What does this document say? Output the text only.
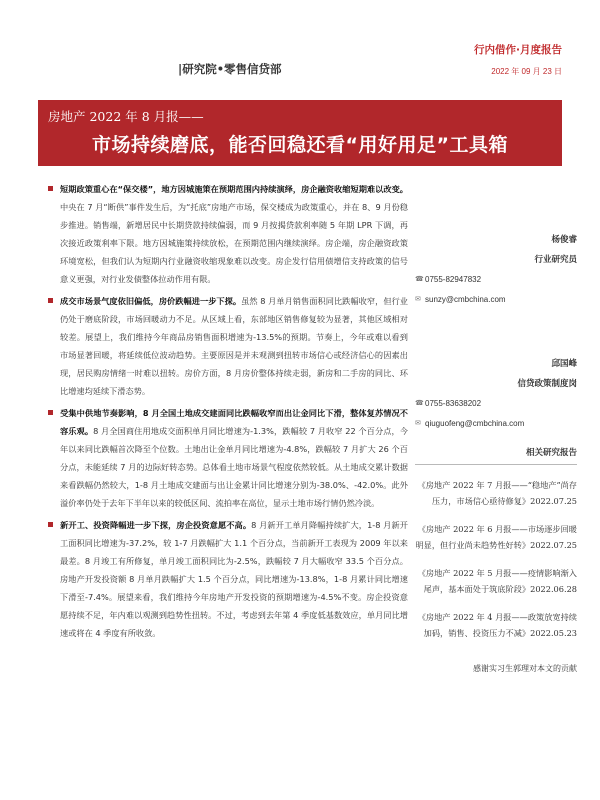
行内借作·月度报告
2022 年 09 月 23 日
|研究院•零售信贷部
房地产 2022 年 8 月报——
市场持续磨底，能否回稳还看“用好用足”工具箱

短期政策重心在“保交楼”，地方因城施策在预期范围内持续演绎，房企融资收缩短期难以改变。中央在 7 月“断供”事件发生后，为“托底”房地产市场，保交楼成为政策重心，并在 8、9 月份稳步推进。销售端，新增居民中长期贷款持续偏弱，而 9 月按揭贷款利率随 5 年期 LPR 下调，再次接近政策利率下限。地方因城施策持续放松，在预期范围内继续演绎。房企端，房企融资政策环境宽松，但我们认为短期内行业融资收缩现象难以改变。房企发行信用债增信支持政策的信号意义更强，对行业发债整体拉动作用有限。

成交市场景气度依旧偏低，房价跌幅进一步下探。虽然 8 月单月销售面积同比跌幅收窄，但行业仍处于磨底阶段，市场回暖动力不足。从区域上看，东部地区销售修复较为显著，其他区域相对较差。展望上，我们维持今年商品房销售面积增速为-13.5%的预期。节奏上，今年或难以看到市场显著回暖，将延续低位波动趋势。主要原因是并未观测到扭转市场信心或经济信心的因素出现，居民购房情绪一时难以扭转。房价方面，8 月房价整体持续走弱，新房和二手房的同比、环比增速均延续下滑态势。

受集中供地节奏影响，8 月全国土地成交建面同比跌幅收窄而出让金同比下滑，整体复苏情况不容乐观。8 月全国商住用地成交面积单月同比增速为-1.3%，跌幅较 7 月收窄 22 个百分点，今年以来同比跌幅首次降至个位数。土地出让金单月同比增速为-4.8%，跌幅较 7 月扩大 26 个百分点，未能延续 7 月的边际好转态势。总体看土地市场景气程度依然较低。从土地成交累计数据来看跌幅仍然较大，1-8 月土地成交建面与出让金累计同比增速分别为-38.0%、-42.0%。此外溢价率仍处于去年下半年以来的较低区间、流拍率在高位，显示土地市场行情仍然冷淡。

新开工、投资降幅进一步下探，房企投资意愿不高。8 月新开工单月降幅持续扩大，1-8 月新开工面积同比增速为-37.2%，较 1-7 月跌幅扩大 1.1 个百分点，当前新开工表现为 2009 年以来最差。8 月竣工有所修复，单月竣工面积同比为-2.5%，跌幅较 7 月大幅收窄 33.5 个百分点。房地产开发投资额 8 月单月跌幅扩大 1.5 个百分点，同比增速为-13.8%，1-8 月累计同比增速下滑至-7.4%。展望来看，我们维持今年房地产开发投资的预期增速为-4.5%不变。房企投资意愿持续不足，年内难以观测到趋势性扭转。不过，考虑到去年第 4 季度低基数效应，单月同比增速或将在 4 季度有所收敛。

杨俊睿
行业研究员
☎ 0755-82947832
✉ sunzy@cmbchina.com
邱国峰
信贷政策制度岗
☎ 0755-83638202
✉ qiuguofeng@cmbchina.com
相关研究报告
《房地产 2022 年 7 月报——“稳地产”尚存压力，市场信心亟待修复》2022.07.25
《房地产 2022 年 6 月报——市场逐步回暖明显，但行业尚未趋势性好转》2022.07.25
《房地产 2022 年 5 月报——疫情影响渐入尾声，基本面处于筑底阶段》2022.06.28
《房地产 2022 年 4 月报——政策放宽持续加码，销售、投资压力不减》2022.05.23
感谢实习生郭理对本文的贡献
